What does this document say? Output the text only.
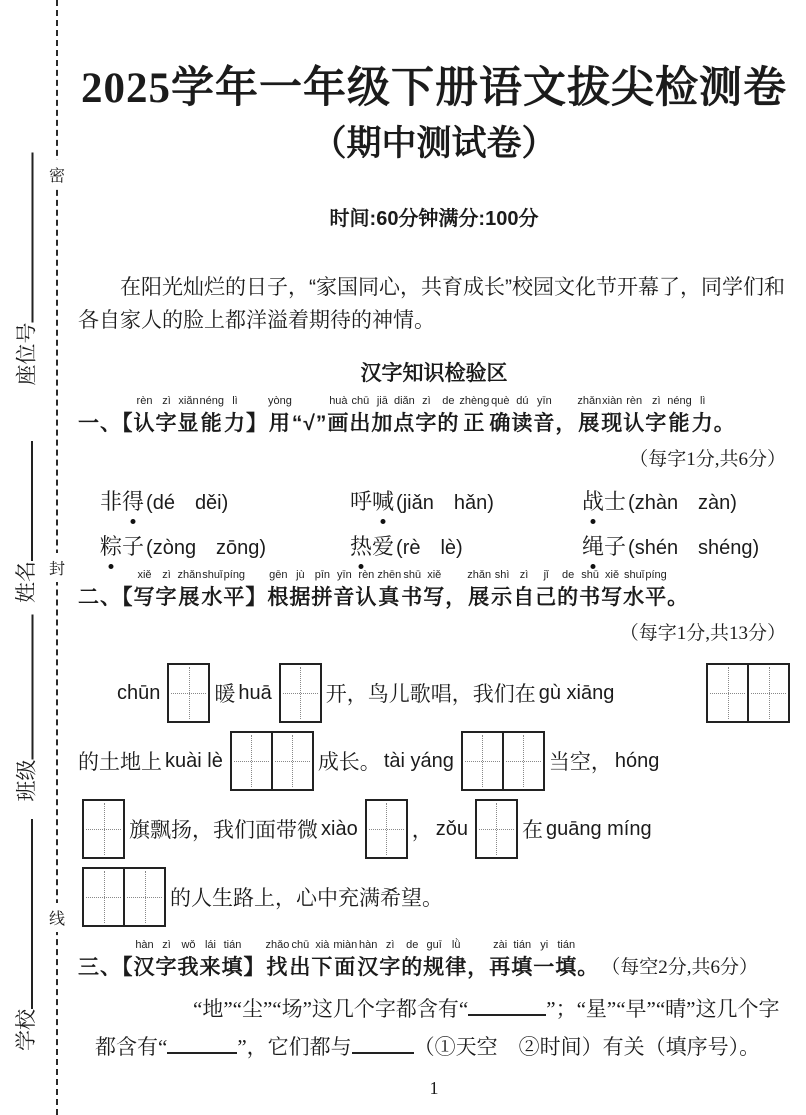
密
封
线
座位号
姓名
班级
学校
2025学年一年级下册语文拔尖检测卷
（期中测试卷）
时间:60分钟满分:100分

在阳光灿烂的日子，“家国同心，共育成长”校园文化节开幕了，同学们和各自家人的脸上都洋溢着期待的神情。

汉字知识检验区

一、【
rèn
认
zì
字
xiǎn
显
néng
能
lì
力
】
yòng
用
“√”
huà
画
chū
出
jiā
加
diǎn
点
zì
字
de
的
zhèng
正
què
确
dú
读
yīn
音
，
zhǎn
展
xiàn
现
rèn
认
zì
字
néng
能
lì
力
。
（每字1分,共6分）
非得 (dé děi)	呼喊 (jiǎn hǎn)	战士 (zhàn zàn)
粽子 (zòng zōng)	热爱 (rè lè)	绳子 (shén shéng)

二、【
xiě
写
zì
字
zhǎn
展
shuǐ
水
píng
平
】
gēn
根
jù
据
pīn
拼
yīn
音
rèn
认
zhēn
真
shū
书
xiě
写
，
zhǎn
展
shì
示
zì
自
jǐ
己
de
的
shū
书
xiě
写
shuǐ
水
píng
平
。
（每字1分,共13分）
chūn	暖 huā	开，鸟儿歌唱，我们在 gù xiāng
的土地上 kuài lè	成长。 tài yáng	当空， hóng
旗飘扬，我们面带微 xiào	， zǒu	在 guāng míng
的人生路上，心中充满希望。

三、【
hàn
汉
zì
字
wǒ
我
lái
来
tián
填
】
zhǎo
找
chū
出
xià
下
miàn
面
hàn
汉
zì
字
de
的
guī
规
lǜ
律
，
zài
再
tián
填
yi
一
tián
填
。 （每空2分,共6分）
“地”“尘”“场”这几个字都含有“	”；“星”“早”“晴”这几个字
都含有“	”，它们都与	（①天空　②时间）有关（填序号）。
1
